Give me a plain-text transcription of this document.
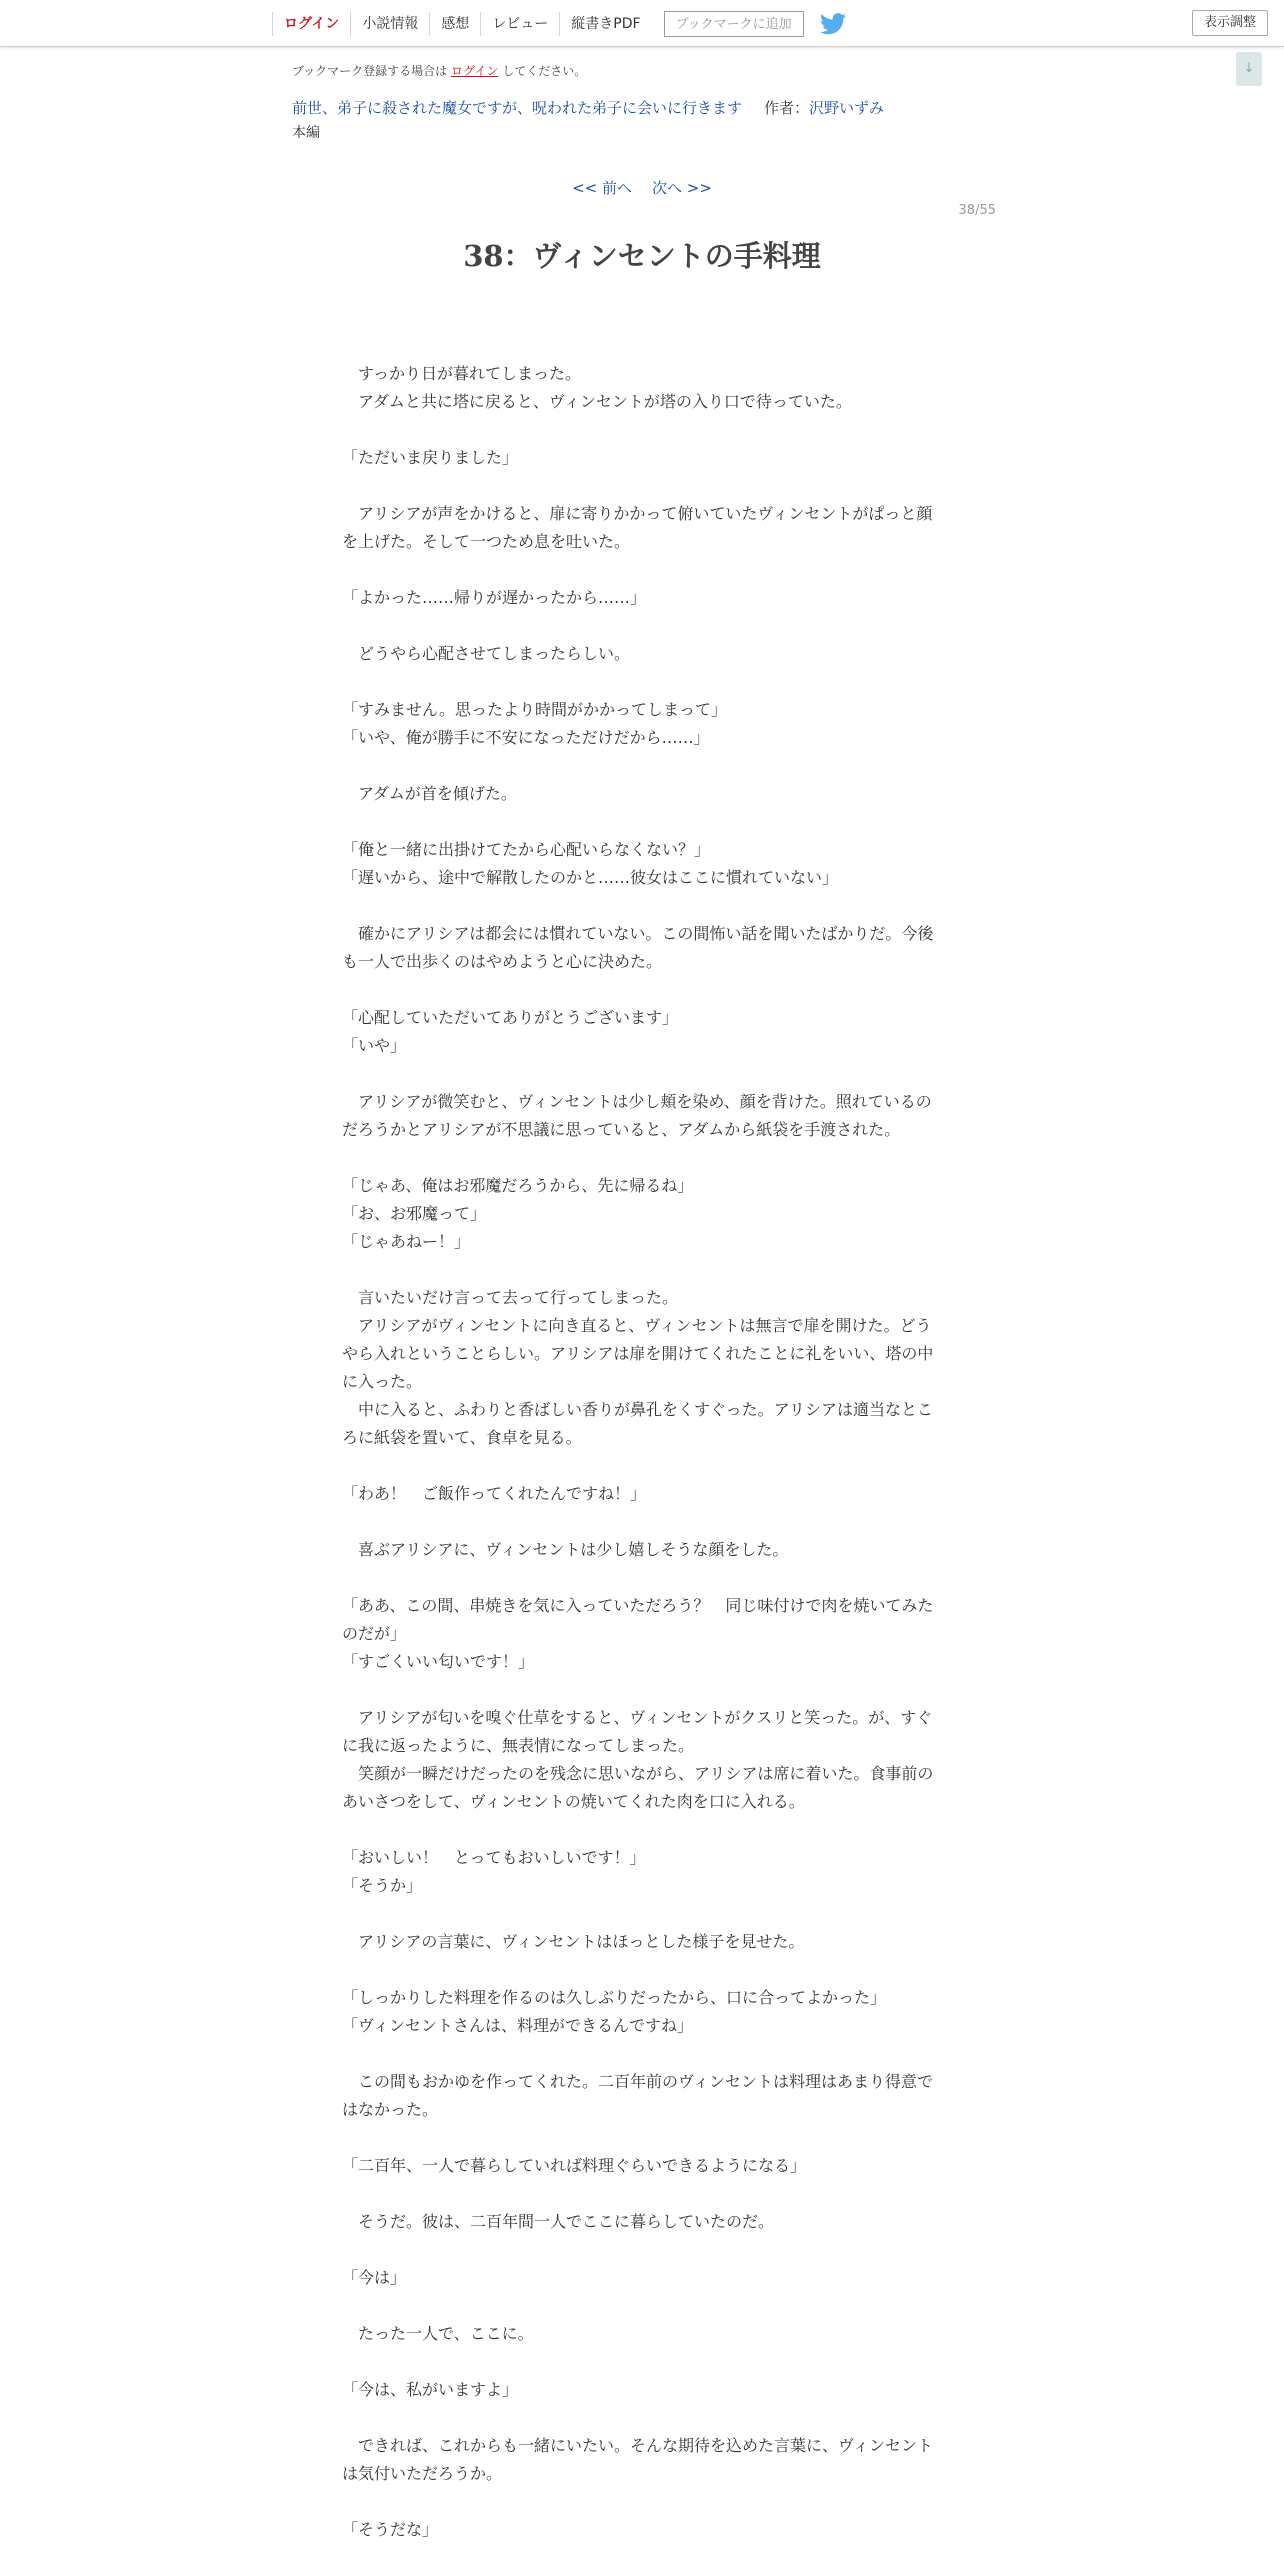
ログイン	小説情報	感想	レビュー	縦書きPDF	ブックマークに追加	表示調整
↓
ブックマーク登録する場合は ログイン してください。
前世、弟子に殺された魔女ですが、呪われた弟子に会いに行きます 作者：沢野いずみ
本編
<< 前へ 次へ >>
38/55
38：ヴィンセントの手料理

　すっかり日が暮れてしまった。

　アダムと共に塔に戻ると、ヴィンセントが塔の入り口で待っていた。

「ただいま戻りました」

　アリシアが声をかけると、扉に寄りかかって俯いていたヴィンセントがぱっと顔を上げた。そして一つため息を吐いた。

「よかった……帰りが遅かったから……」

　どうやら心配させてしまったらしい。

「すみません。思ったより時間がかかってしまって」

「いや、俺が勝手に不安になっただけだから……」

　アダムが首を傾げた。

「俺と一緒に出掛けてたから心配いらなくない？」

「遅いから、途中で解散したのかと……彼女はここに慣れていない」

　確かにアリシアは都会には慣れていない。この間怖い話を聞いたばかりだ。今後も一人で出歩くのはやめようと心に決めた。

「心配していただいてありがとうございます」

「いや」

　アリシアが微笑むと、ヴィンセントは少し頬を染め、顔を背けた。照れているのだろうかとアリシアが不思議に思っていると、アダムから紙袋を手渡された。

「じゃあ、俺はお邪魔だろうから、先に帰るね」

「お、お邪魔って」

「じゃあねー！」

　言いたいだけ言って去って行ってしまった。

　アリシアがヴィンセントに向き直ると、ヴィンセントは無言で扉を開けた。どうやら入れということらしい。アリシアは扉を開けてくれたことに礼をいい、塔の中に入った。

　中に入ると、ふわりと香ばしい香りが鼻孔をくすぐった。アリシアは適当なところに紙袋を置いて、食卓を見る。

「わあ！　ご飯作ってくれたんですね！」

　喜ぶアリシアに、ヴィンセントは少し嬉しそうな顔をした。

「ああ、この間、串焼きを気に入っていただろう？　同じ味付けで肉を焼いてみたのだが」

「すごくいい匂いです！」

　アリシアが匂いを嗅ぐ仕草をすると、ヴィンセントがクスリと笑った。が、すぐに我に返ったように、無表情になってしまった。

　笑顔が一瞬だけだったのを残念に思いながら、アリシアは席に着いた。食事前のあいさつをして、ヴィンセントの焼いてくれた肉を口に入れる。

「おいしい！　とってもおいしいです！」

「そうか」

　アリシアの言葉に、ヴィンセントはほっとした様子を見せた。

「しっかりした料理を作るのは久しぶりだったから、口に合ってよかった」

「ヴィンセントさんは、料理ができるんですね」

　この間もおかゆを作ってくれた。二百年前のヴィンセントは料理はあまり得意ではなかった。

「二百年、一人で暮らしていれば料理ぐらいできるようになる」

　そうだ。彼は、二百年間一人でここに暮らしていたのだ。

「今は」

　たった一人で、ここに。

「今は、私がいますよ」

　できれば、これからも一緒にいたい。そんな期待を込めた言葉に、ヴィンセントは気付いただろうか。

「そうだな」
